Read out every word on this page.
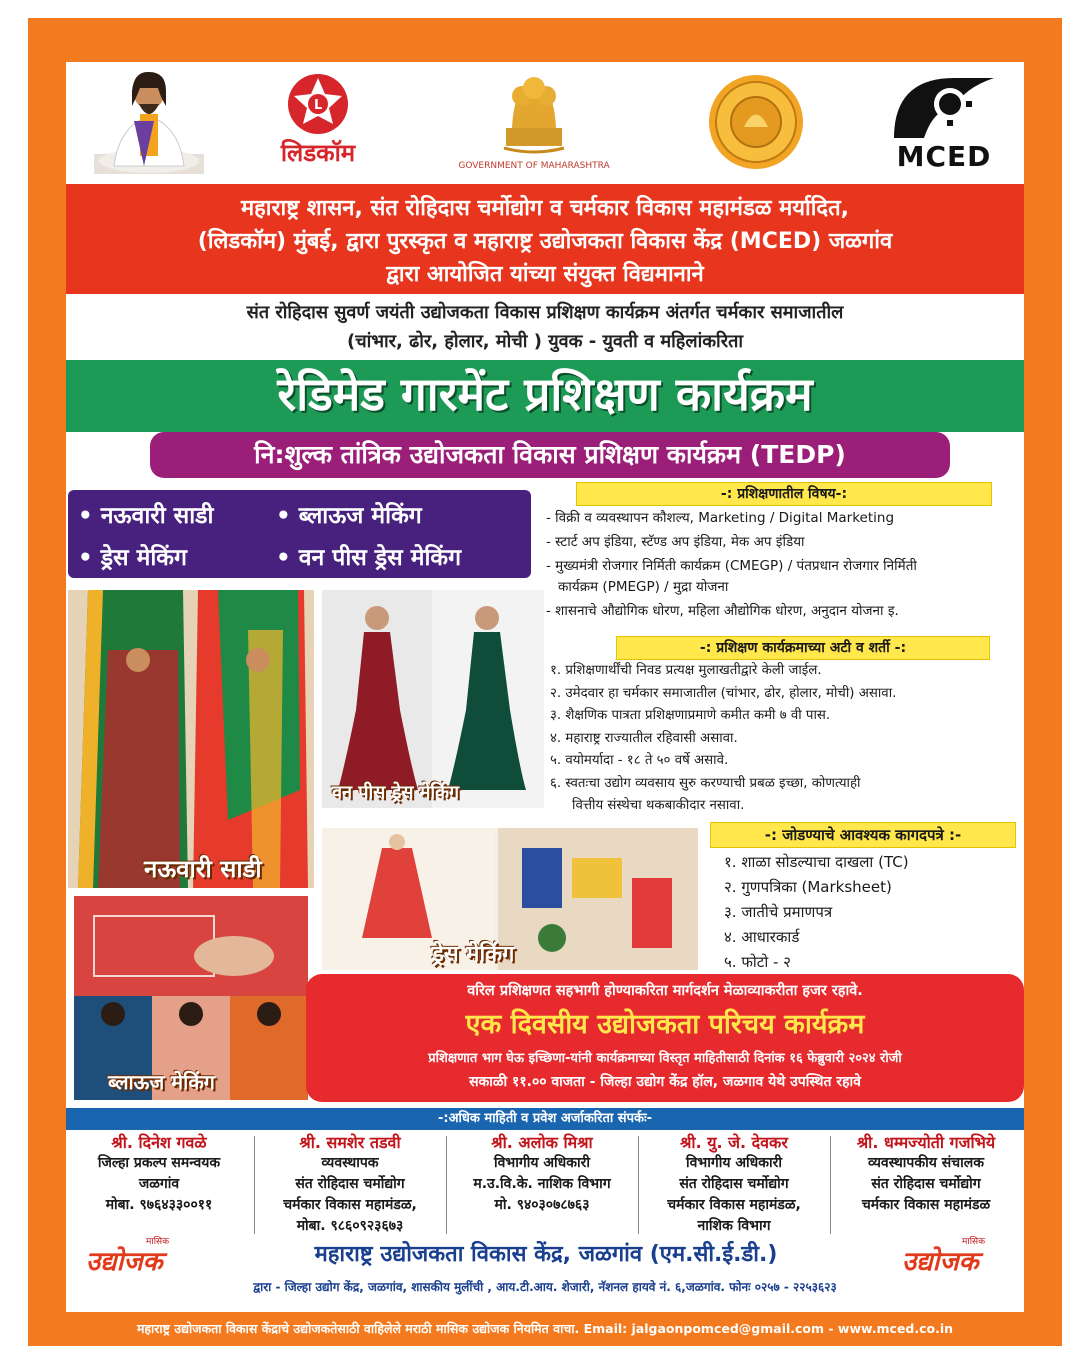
L
लिडकॉम	GOVERNMENT OF MAHARASHTRA	MCED
महाराष्ट्र शासन, संत रोहिदास चर्मोद्योग व चर्मकार विकास महामंडळ मर्यादित,
(लिडकॉम) मुंबई, द्वारा पुरस्कृत व महाराष्ट्र उद्योजकता विकास केंद्र (MCED) जळगांव
द्वारा आयोजित यांच्या संयुक्त विद्यमानाने
संत रोहिदास सुवर्ण जयंती उद्योजकता विकास प्रशिक्षण कार्यक्रम अंतर्गत चर्मकार समाजातील
(चांभार, ढोर, होलार, मोची ) युवक - युवती व महिलांकरिता
रेडिमेड गारमेंट प्रशिक्षण कार्यक्रम
नि:शुल्क तांत्रिक उद्योजकता विकास प्रशिक्षण कार्यक्रम (TEDP)
• नऊवारी साडी	• ब्लाऊज मेकिंग
• ड्रेस मेकिंग	• वन पीस ड्रेस मेकिंग
-: प्रशिक्षणातील विषय-:
- विक्री व व्यवस्थापन कौशल्य, Marketing / Digital Marketing
- स्टार्ट अप इंडिया, स्टॅण्ड अप इंडिया, मेक अप इंडिया
- मुख्यमंत्री रोजगार निर्मिती कार्यक्रम (CMEGP) / पंतप्रधान रोजगार निर्मिती
कार्यक्रम (PMEGP) / मुद्रा योजना
- शासनाचे औद्योगिक धोरण, महिला औद्योगिक धोरण, अनुदान योजना इ.
-: प्रशिक्षण कार्यक्रमाच्या अटी व शर्ती -:
१. प्रशिक्षणार्थींची निवड प्रत्यक्ष मुलाखतीद्वारे केली जाईल.
२. उमेदवार हा चर्मकार समाजातील (चांभार, ढोर, होलार, मोची) असावा.
३. शैक्षणिक पात्रता प्रशिक्षणाप्रमाणे कमीत कमी ७ वी पास.
४. महाराष्ट्र राज्यातील रहिवासी असावा.
५. वयोमर्यादा - १८ ते ५० वर्षे असावे.
६. स्वतःचा उद्योग व्यवसाय सुरु करण्याची प्रबळ इच्छा, कोणत्याही
वित्तीय संस्थेचा थकबाकीदार नसावा.
नऊवारी साडी
वन पीस ड्रेस मेकिंग
-: जोडण्याचे आवश्यक कागदपत्रे :-
१. शाळा सोडल्याचा दाखला (TC)
२. गुणपत्रिका (Marksheet)
३. जातीचे प्रमाणपत्र
४. आधारकार्ड
५. फोटो - २
ड्रेस मेकिंग
ब्लाऊज मेकिंग
वरिल प्रशिक्षणत सहभागी होण्याकरिता मार्गदर्शन मेळाव्याकरीता हजर रहावे.
एक दिवसीय उद्योजकता परिचय कार्यक्रम
प्रशिक्षणात भाग घेऊ इच्छिणा-यांनी कार्यक्रमाच्या विस्तृत माहितीसाठी दिनांक १६ फेब्रुवारी २०२४ रोजी
सकाळी ११.०० वाजता - जिल्हा उद्योग केंद्र हॉल, जळगाव येथे उपस्थित रहावे
-:अधिक माहिती व प्रवेश अर्जाकरिता संपर्कः-
श्री. दिनेश गवळे
जिल्हा प्रकल्प समन्वयक
जळगांव
मोबा. ९७६४३३००११
श्री. समशेर तडवी
व्यवस्थापक
संत रोहिदास चर्मोद्योग
चर्मकार विकास महामंडळ,
मोबा. ९८६०९२३६७३
श्री. अलोक मिश्रा
विभागीय अधिकारी
म.उ.वि.के. नाशिक विभाग
मो. ९४०३०७८७६३
श्री. यु. जे. देवकर
विभागीय अधिकारी
संत रोहिदास चर्मोद्योग
चर्मकार विकास महामंडळ,
नाशिक विभाग
श्री. धम्मज्योती गजभिये
व्यवस्थापकीय संचालक
संत रोहिदास चर्मोद्योग
चर्मकार विकास महामंडळ
मासिक
उद्योजक	महाराष्ट्र उद्योजकता विकास केंद्र, जळगांव (एम.सी.ई.डी.)	मासिक
उद्योजक
द्वारा - जिल्हा उद्योग केंद्र, जळगांव, शासकीय मुलींची , आय.टी.आय. शेजारी, नॅशनल हायवे नं. ६,जळगांव. फोनः ०२५७ - २२५३६२३
महाराष्ट्र उद्योजकता विकास केंद्राचे उद्योजकतेसाठी वाहिलेले मराठी मासिक उद्योजक नियमित वाचा. Email: jalgaonpomced@gmail.com - www.mced.co.in
